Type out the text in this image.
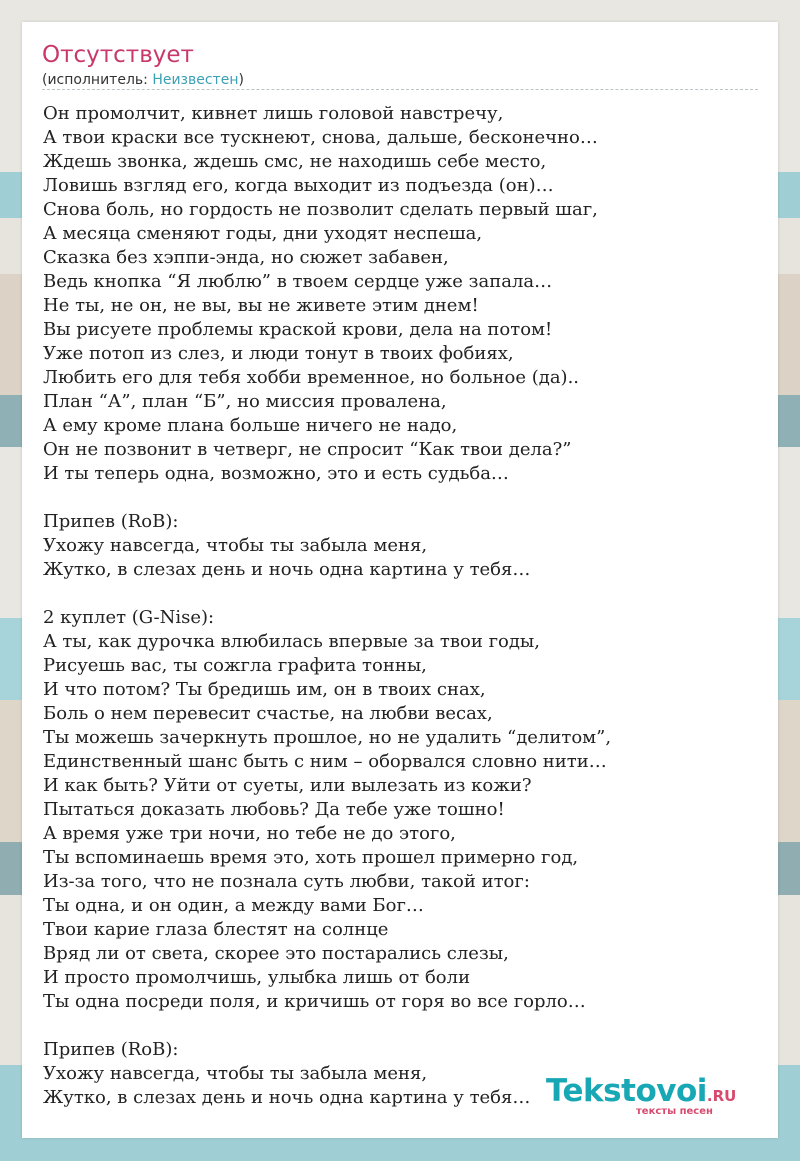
Отсутствует
(исполнитель: Неизвестен)
Он промолчит, кивнет лишь головой навстречу,
А твои краски все тускнеют, снова, дальше, бесконечно…
Ждешь звонка, ждешь смс, не находишь себе место,
Ловишь взгляд его, когда выходит из подъезда (он)…
Снова боль, но гордость не позволит сделать первый шаг,
А месяца сменяют годы, дни уходят неспеша,
Сказка без хэппи-энда, но сюжет забавен,
Ведь кнопка “Я люблю” в твоем сердце уже запала…
Не ты, не он, не вы, вы не живете этим днем!
Вы рисуете проблемы краской крови, дела на потом!
Уже потоп из слез, и люди тонут в твоих фобиях,
Любить его для тебя хобби временное, но больное (да)..
План “А”, план “Б”, но миссия провалена,
А ему кроме плана больше ничего не надо,
Он не позвонит в четверг, не спросит “Как твои дела?”
И ты теперь одна, возможно, это и есть судьба…
Припев (RoB):
Ухожу навсегда, чтобы ты забыла меня,
Жутко, в слезах день и ночь одна картина у тебя…
2 куплет (G-Nise):
А ты, как дурочка влюбилась впервые за твои годы,
Рисуешь вас, ты сожгла графита тонны,
И что потом? Ты бредишь им, он в твоих снах,
Боль о нем перевесит счастье, на любви весах,
Ты можешь зачеркнуть прошлое, но не удалить “делитом”,
Единственный шанс быть с ним – оборвался словно нити…
И как быть? Уйти от суеты, или вылезать из кожи?
Пытаться доказать любовь? Да тебе уже тошно!
А время уже три ночи, но тебе не до этого,
Ты вспоминаешь время это, хоть прошел примерно год,
Из-за того, что не познала суть любви, такой итог:
Ты одна, и он один, а между вами Бог…
Твои карие глаза блестят на солнце
Вряд ли от света, скорее это постарались слезы,
И просто промолчишь, улыбка лишь от боли
Ты одна посреди поля, и кричишь от горя во все горло…
Припев (RoB):
Ухожу навсегда, чтобы ты забыла меня,
Жутко, в слезах день и ночь одна картина у тебя… Tekstovoi.RU
тексты песен
